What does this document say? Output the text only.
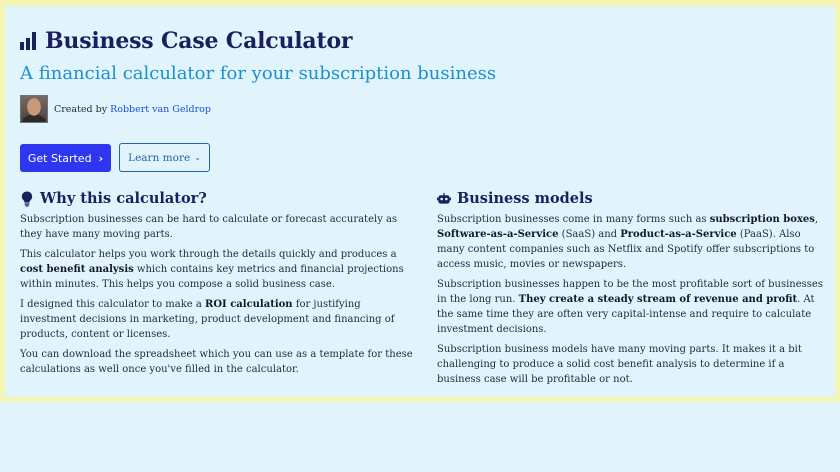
Business Case Calculator
A financial calculator for your subscription business
Created by Robbert van Geldrop
Get Started › Learn more ⌄
Why this calculator?

Subscription businesses can be hard to calculate or forecast accurately as they have many moving parts.

This calculator helps you work through the details quickly and produces a cost benefit analysis which contains key metrics and financial projections within minutes. This helps you compose a solid business case.

I designed this calculator to make a ROI calculation for justifying investment decisions in marketing, product development and financing of products, content or licenses.

You can download the spreadsheet which you can use as a template for these calculations as well once you've filled in the calculator.

Business models

Subscription businesses come in many forms such as subscription boxes, Software-as-a-Service (SaaS) and Product-as-a-Service (PaaS). Also many content companies such as Netflix and Spotify offer subscriptions to access music, movies or newspapers.

Subscription businesses happen to be the most profitable sort of businesses in the long run. They create a steady stream of revenue and profit. At the same time they are often very capital-intense and require to calculate investment decisions.

Subscription business models have many moving parts. It makes it a bit challenging to produce a solid cost benefit analysis to determine if a business case will be profitable or not.
